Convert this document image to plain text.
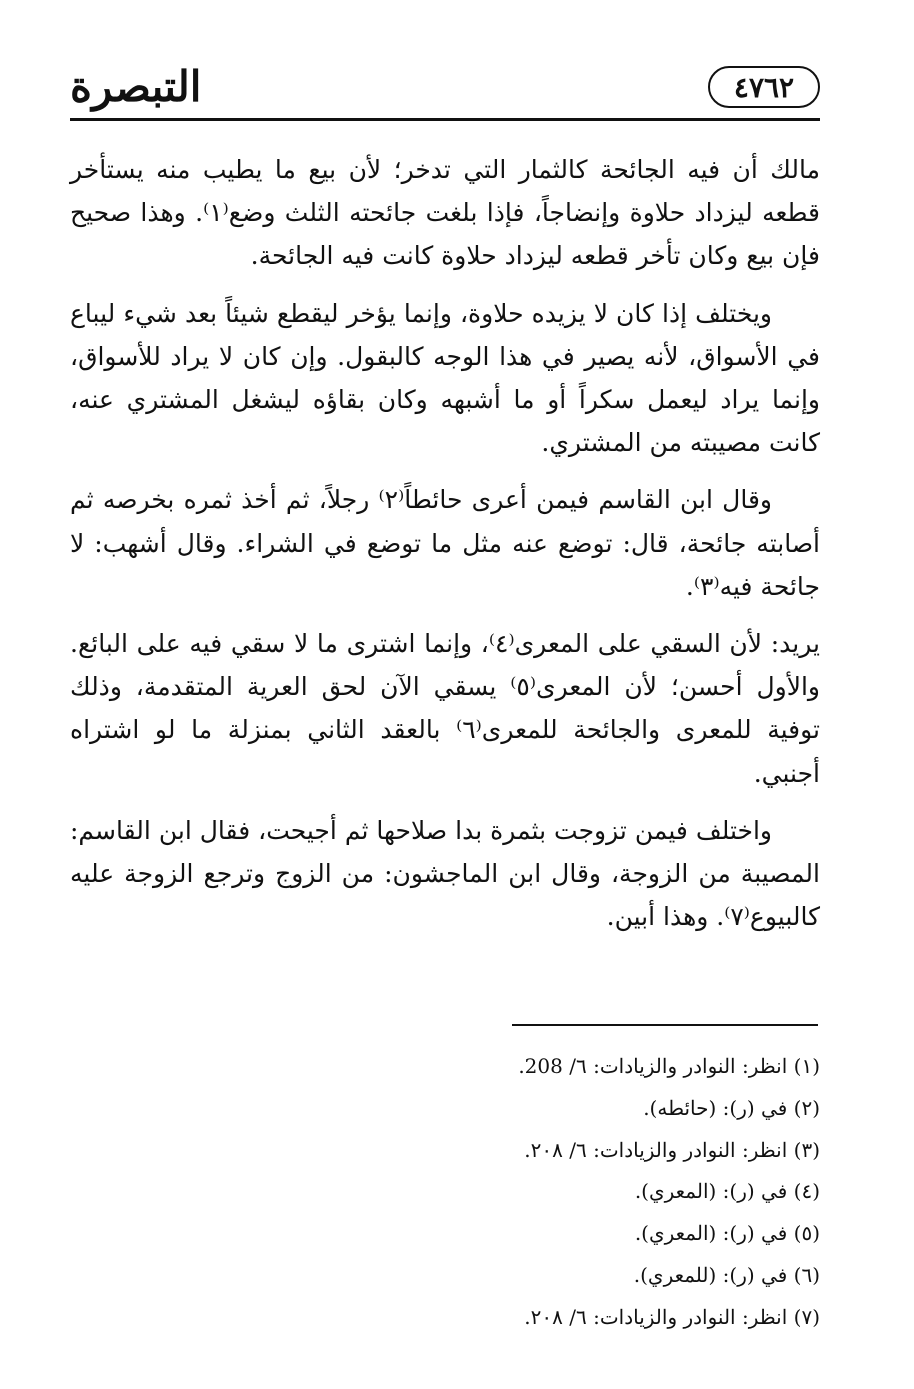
التبصرة	٤٧٦٢

مالك أن فيه الجائحة كالثمار التي تدخر؛ لأن بيع ما يطيب منه يستأخر قطعه ليزداد حلاوة وإنضاجاً، فإذا بلغت جائحته الثلث وضع⁽١⁾. وهذا صحيح فإن بيع وكان تأخر قطعه ليزداد حلاوة كانت فيه الجائحة.

ويختلف إذا كان لا يزيده حلاوة، وإنما يؤخر ليقطع شيئاً بعد شيء ليباع في الأسواق، لأنه يصير في هذا الوجه كالبقول. وإن كان لا يراد للأسواق، وإنما يراد ليعمل سكراً أو ما أشبهه وكان بقاؤه ليشغل المشتري عنه، كانت مصيبته من المشتري.

وقال ابن القاسم فيمن أعرى حائطاً⁽٢⁾ رجلاً، ثم أخذ ثمره بخرصه ثم أصابته جائحة، قال: توضع عنه مثل ما توضع في الشراء. وقال أشهب: لا جائحة فيه⁽٣⁾.

يريد: لأن السقي على المعرى⁽٤⁾، وإنما اشترى ما لا سقي فيه على البائع. والأول أحسن؛ لأن المعرى⁽٥⁾ يسقي الآن لحق العرية المتقدمة، وذلك توفية للمعرى والجائحة للمعرى⁽٦⁾ بالعقد الثاني بمنزلة ما لو اشتراه أجنبي.

واختلف فيمن تزوجت بثمرة بدا صلاحها ثم أجيحت، فقال ابن القاسم: المصيبة من الزوجة، وقال ابن الماجشون: من الزوج وترجع الزوجة عليه كالبيوع⁽٧⁾. وهذا أبين.

(١) انظر: النوادر والزيادات: ٦/ 208.
(٢) في (ر): (حائطه).
(٣) انظر: النوادر والزيادات: ٦/ ٢٠٨.
(٤) في (ر): (المعري).
(٥) في (ر): (المعري).
(٦) في (ر): (للمعري).
(٧) انظر: النوادر والزيادات: ٦/ ٢٠٨.
